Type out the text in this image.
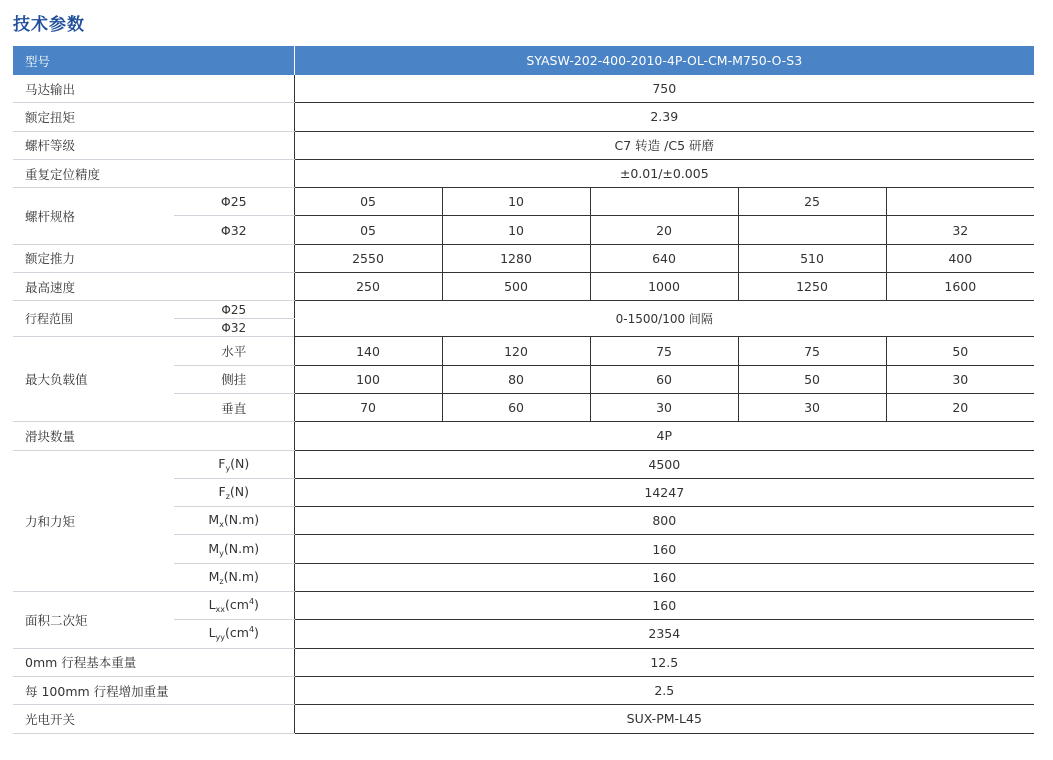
技术参数
型号		SYASW-202-400-2010-4P-OL-CM-M750-O-S3				
马达输出		750				
额定扭矩		2.39				
螺杆等级		C7 转造 /C5 研磨				
重复定位精度		±0.01/±0.005				
螺杆规格	Φ25	05	10		25	
	Φ32	05	10	20		32
额定推力		2550	1280	640	510	400
最高速度		250	500	1000	1250	1600
行程范围	Φ25	0-1500/100 间隔				
	Φ32					
最大负载值	水平	140	120	75	75	50
	侧挂	100	80	60	50	30
	垂直	70	60	30	30	20
滑块数量		4P				
力和力矩	$F_y(N)$	4500				
	$F_z(N)$	14247				
	$M_x(N.m)$	800				
	$M_y(N.m)$	160				
	$M_z(N.m)$	160				
面积二次矩	$L_{xx}(cm^4)$	160				
	$L_{yy}(cm^4)$	2354				
0mm 行程基本重量		12.5				
每 100mm 行程增加重量		2.5				
光电开关		SUX-PM-L45				
